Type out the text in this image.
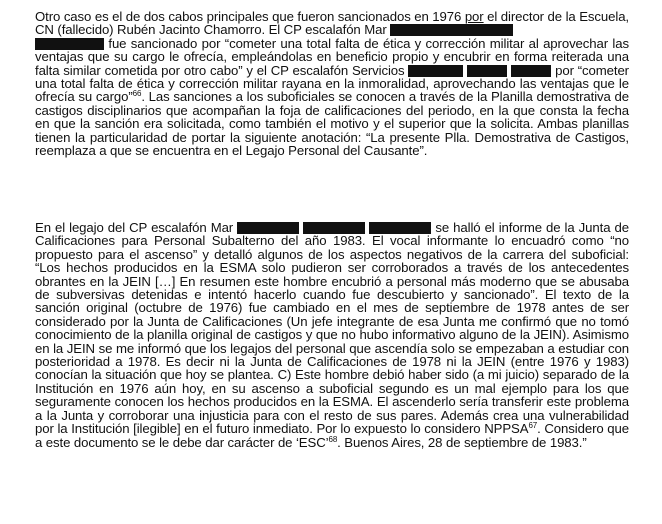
Otro caso es el de dos cabos principales que fueron sancionados en 1976 por el director de la Escuela, CN (fallecido) Rubén Jacinto Chamorro. El CP escalafón Mar
fue sancionado por “cometer una total falta de ética y corrección militar al aprovechar las ventajas que su cargo le ofrecía, empleándolas en beneficio propio y encubrir en forma reiterada una falta similar cometida por otro cabo” y el CP escalafón Servicios	por “cometer una total falta de ética y corrección militar rayana en la inmoralidad, aprovechando las ventajas que le ofrecía su cargo”$^{66}$. Las sanciones a los suboficiales se conocen a través de la Planilla demostrativa de castigos disciplinarios que acompañan la foja de calificaciones del periodo, en la que consta la fecha en que la sanción era solicitada, como también el motivo y el superior que la solicita. Ambas planillas tienen la particularidad de portar la siguiente anotación: “La presente Plla. Demostrativa de Castigos, reemplaza a que se encuentra en el Legajo Personal del Causante”.

En el legajo del CP escalafón Mar	se halló el informe de la Junta de Calificaciones para Personal Subalterno del año 1983. El vocal informante lo encuadró como “no propuesto para el ascenso” y detalló algunos de los aspectos negativos de la carrera del suboficial: “Los hechos producidos en la ESMA solo pudieron ser corroborados a través de los antecedentes obrantes en la JEIN […] En resumen este hombre encubrió a personal más moderno que se abusaba de subversivas detenidas e intentó hacerlo cuando fue descubierto y sancionado”. El texto de la sanción original (octubre de 1976) fue cambiado en el mes de septiembre de 1978 antes de ser considerado por la Junta de Calificaciones (Un jefe integrante de esa Junta me confirmó que no tomó conocimiento de la planilla original de castigos y que no hubo informativo alguno de la JEIN). Asimismo en la JEIN se me informó que los legajos del personal que ascendía solo se empezaban a estudiar con posterioridad a 1978. Es decir ni la Junta de Calificaciones de 1978 ni la JEIN (entre 1976 y 1983) conocían la situación que hoy se plantea. C) Este hombre debió haber sido (a mi juicio) separado de la Institución en 1976 aún hoy, en su ascenso a suboficial segundo es un mal ejemplo para los que seguramente conocen los hechos producidos en la ESMA. El ascenderlo sería transferir este problema a la Junta y corroborar una injusticia para con el resto de sus pares. Además crea una vulnerabilidad por la Institución [ilegible] en el futuro inmediato. Por lo expuesto lo considero NPPSA$^{67}$. Considero que a este documento se le debe dar carácter de ‘ESC’$^{68}$. Buenos Aires, 28 de septiembre de 1983.”
